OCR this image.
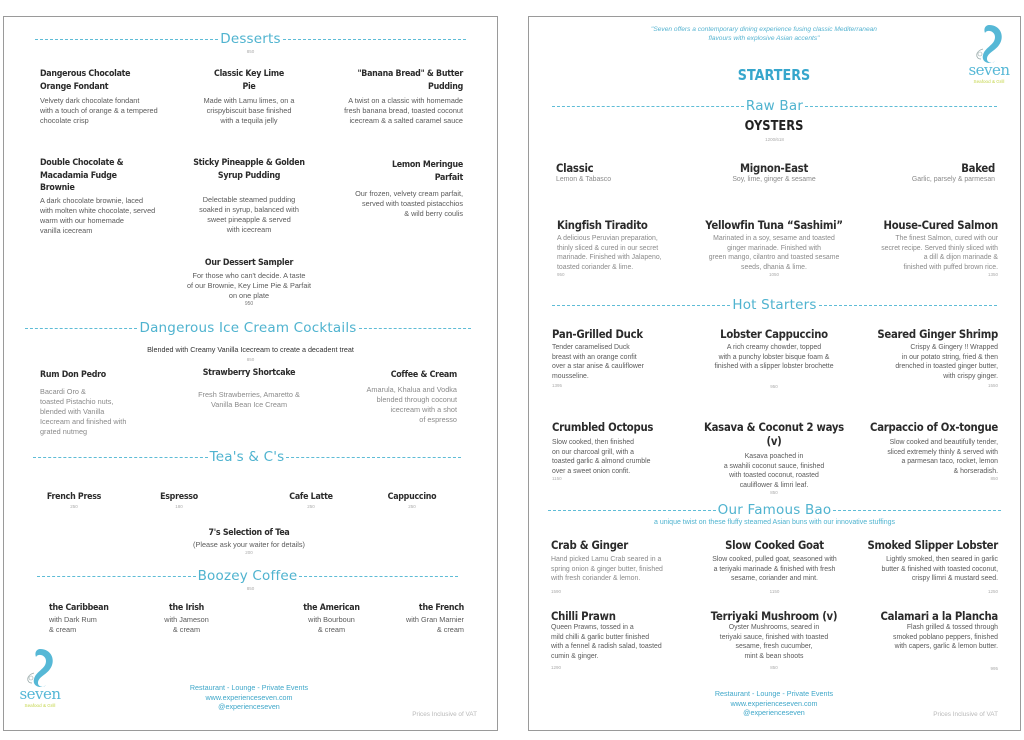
Desserts
850
Dangerous Chocolate
Orange Fondant
Velvety dark chocolate fondant
with a touch of orange & a tempered
chocolate crisp
Classic Key Lime
Pie
Made with Lamu limes, on a
crispybiscuit base finished
with a tequila jelly
"Banana Bread" & Butter
Pudding
A twist on a classic with homemade
fresh banana bread, toasted coconut
icecream & a salted caramel sauce
Double Chocolate &
Macadamia Fudge
Brownie
A dark chocolate brownie, laced
with molten white chocolate, served
warm with our homemade
vanilla icecream
Sticky Pineapple & Golden
Syrup Pudding
Delectable steamed pudding
soaked in syrup, balanced with
sweet pineapple & served
with icecream
Lemon Meringue
Parfait
Our frozen, velvety cream parfait,
served with toasted pistacchios
& wild berry coulis
Our Dessert Sampler
For those who can't decide. A taste
of our Brownie, Key Lime Pie & Parfait
on one plate
950
Dangerous Ice Cream Cocktails
Blended with Creamy Vanilla Icecream to create a decadent treat
850
Rum Don Pedro
Bacardi Oro &
toasted Pistachio nuts,
blended with Vanilla
Icecream and finished with
grated nutmeg
Strawberry Shortcake
Fresh Strawberries, Amaretto &
Vanilla Bean Ice Cream
Coffee & Cream
Amarula, Khalua and Vodka
blended through coconut
icecream with a shot
of espresso
Tea's & C's
French Press
250
Espresso
180
Cafe Latte
250
Cappuccino
250
7's Selection of Tea
(Please ask your waiter for details)
200
Boozey Coffee
850
the Caribbean
with Dark Rum
& cream
the Irish
with Jameson
& cream
the American
with Bourboun
& cream
the French
with Gran Marnier
& cream
seven
Seafood & Grill
Restaurant - Lounge - Private Events
www.experienceseven.com
@experienceseven
Prices Inclusive of VAT
"Seven offers a contemporary dining experience fusing classic Mediterranean
flavours with explosive Asian accents"
seven
Seafood & Grill
STARTERS
Raw Bar
OYSTERS
1200/618
Classic
Lemon & Tabasco
Mignon-East
Soy, lime, ginger & sesame
Baked
Garlic, parsely & parmesan
Kingfish Tiradito
A delicious Peruvian preparation,
thinly sliced & cured in our secret
marinade. Finished with Jalapeno,
toasted coriander & lime.
950
Yellowfin Tuna “Sashimi”
Marinated in a soy, sesame and toasted
ginger marinade. Finished with
green mango, cilantro and toasted sesame
seeds, dhania & lime.
1050
House-Cured Salmon
The finest Salmon, cured with our
secret recipe. Served thinly sliced with
a dill & dijon marinade &
finished with puffed brown rice.
1350
Hot Starters
Pan-Grilled Duck
Tender caramelised Duck
breast with an orange confit
over a star anise & cauliflower
mousseline.
1395
Lobster Cappuccino
A rich creamy chowder, topped
with a punchy lobster bisque foam &
finished with a slipper lobster brochette
950
Seared Ginger Shrimp
Crispy & Gingery !! Wrapped
in our potato string, fried & then
drenched in toasted ginger butter,
with crispy ginger.
1550
Crumbled Octopus
Slow cooked, then finished
on our charcoal grill, with a
toasted garlic & almond crumble
over a sweet onion confit.
1150
Kasava & Coconut 2 ways (v)
Kasava poached in
a swahili coconut sauce, finished
with toasted coconut, roasted
cauliflower & limri leaf.
850
Carpaccio of Ox-tongue
Slow cooked and beautifully tender,
sliced extremely thinly & served with
a parmesan taco, rocket, lemon
& horseradish.
850
Our Famous Bao
a unique twist on these fluffy steamed Asian buns with our innovative stuffings
Crab & Ginger
Hand picked Lamu Crab seared in a
spring onion & ginger butter, finished
with fresh coriander & lemon.
1590
Slow Cooked Goat
Slow cooked, pulled goat, seasoned with
a teriyaki marinade & finished with fresh
sesame, coriander and mint.
1150
Smoked Slipper Lobster
Lightly smoked, then seared in garlic
butter & finished with toasted coconut,
crispy llimri & mustard seed.
1250
Chilli Prawn
Queen Prawns, tossed in a
mild chilli & garlic butter finished
with a fennel & radish salad, toasted
cumin & ginger.
1290
Terriyaki Mushroom (v)
Oyster Mushrooms, seared in
teriyaki sauce, finished with toasted
sesame, fresh cucumber,
mint & bean shoots
850
Calamari a la Plancha
Flash grilled & tossed through
smoked poblano peppers, finished
with capers, garlic & lemon butter.
995
Restaurant - Lounge - Private Events
www.experienceseven.com
@experienceseven	Prices Inclusive of VAT
